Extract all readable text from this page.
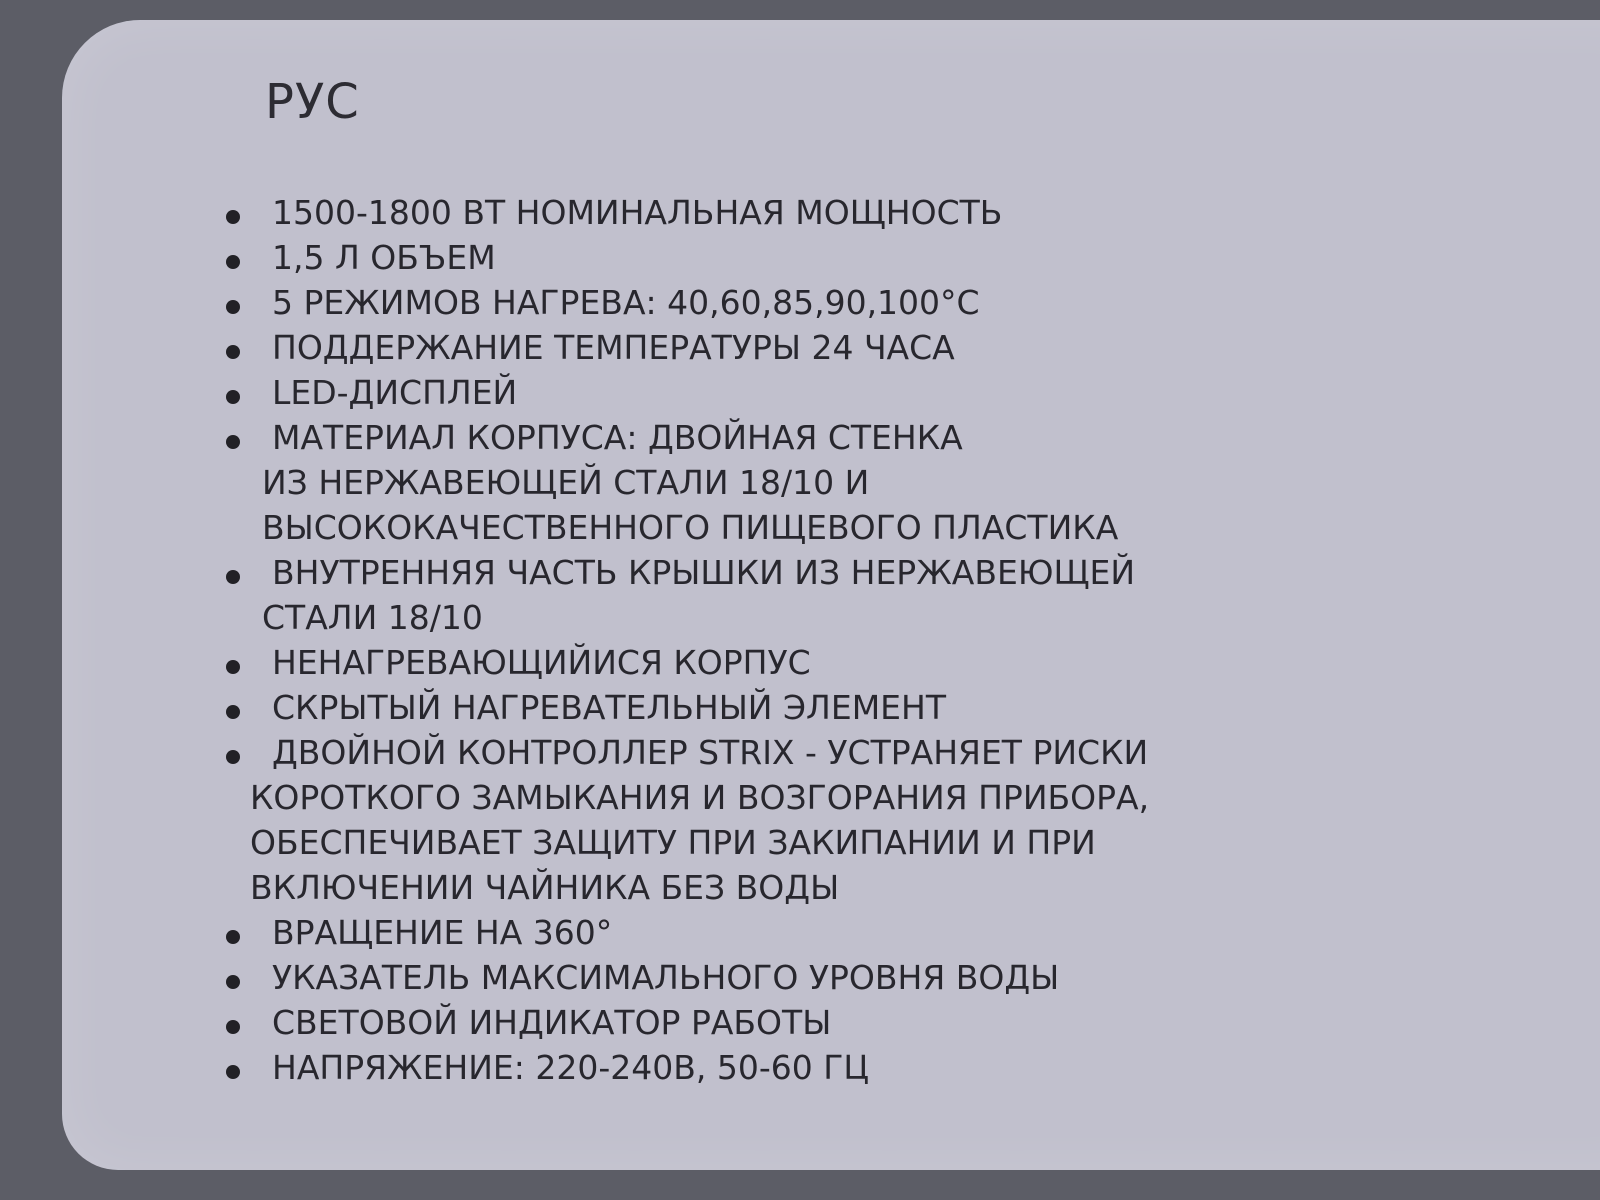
РУС
1500-1800 ВТ НОМИНАЛЬНАЯ МОЩНОСТЬ
1,5 Л ОБЪЕМ
5 РЕЖИМОВ НАГРЕВА: 40,60,85,90,100°С
ПОДДЕРЖАНИЕ ТЕМПЕРАТУРЫ 24 ЧАСА
LED-ДИСПЛЕЙ
МАТЕРИАЛ КОРПУСА: ДВОЙНАЯ СТЕНКА
ИЗ НЕРЖАВЕЮЩЕЙ СТАЛИ 18/10 И
ВЫСОКОКАЧЕСТВЕННОГО ПИЩЕВОГО ПЛАСТИКА
ВНУТРЕННЯЯ ЧАСТЬ КРЫШКИ ИЗ НЕРЖАВЕЮЩЕЙ
СТАЛИ 18/10
НЕНАГРЕВАЮЩИЙИСЯ КОРПУС
СКРЫТЫЙ НАГРЕВАТЕЛЬНЫЙ ЭЛЕМЕНТ
ДВОЙНОЙ КОНТРОЛЛЕР STRIX - УСТРАНЯЕТ РИСКИ
КОРОТКОГО ЗАМЫКАНИЯ И ВОЗГОРАНИЯ ПРИБОРА,
ОБЕСПЕЧИВАЕТ ЗАЩИТУ ПРИ ЗАКИПАНИИ И ПРИ
ВКЛЮЧЕНИИ ЧАЙНИКА БЕЗ ВОДЫ
ВРАЩЕНИЕ НА 360°
УКАЗАТЕЛЬ МАКСИМАЛЬНОГО УРОВНЯ ВОДЫ
СВЕТОВОЙ ИНДИКАТОР РАБОТЫ
НАПРЯЖЕНИЕ: 220-240В, 50-60 ГЦ
